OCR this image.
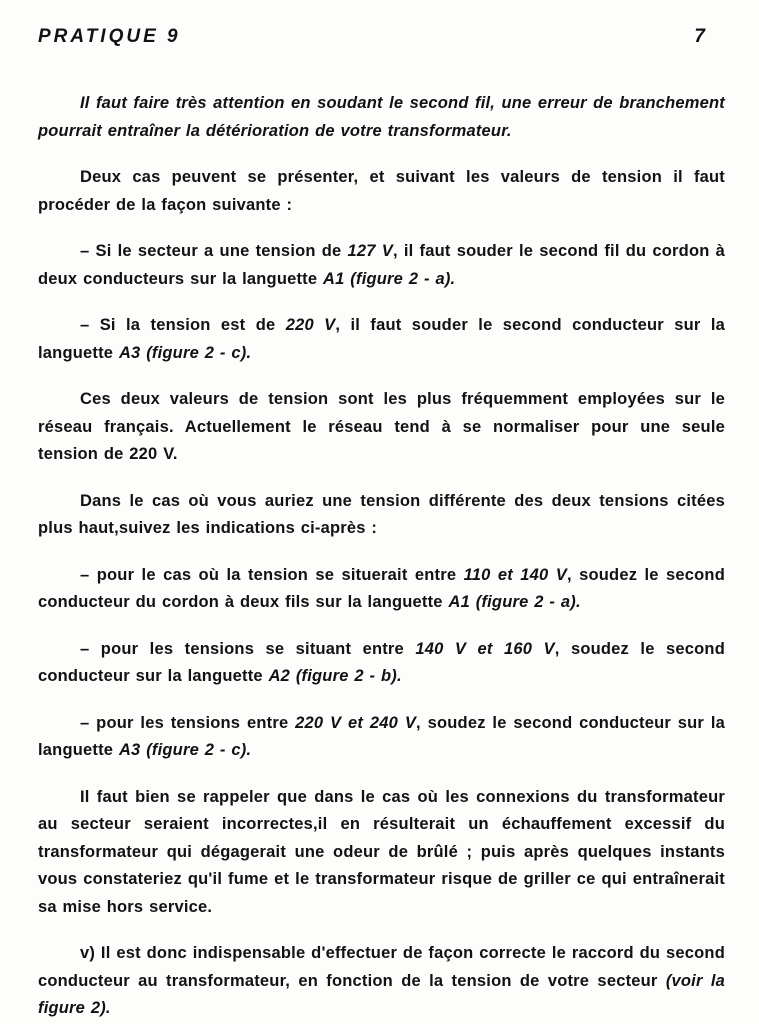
PRATIQUE 9	7

Il faut faire très attention en soudant le second fil, une erreur de branchement pourrait entraîner la détérioration de votre transformateur.

Deux cas peuvent se présenter, et suivant les valeurs de tension il faut procéder de la façon suivante :

– Si le secteur a une tension de 127 V, il faut souder le second fil du cordon à deux conducteurs sur la languette A1 (figure 2 - a).

– Si la tension est de 220 V, il faut souder le second conducteur sur la languette A3 (figure 2 - c).

Ces deux valeurs de tension sont les plus fréquemment employées sur le réseau français. Actuellement le réseau tend à se normaliser pour une seule tension de 220 V.

Dans le cas où vous auriez une tension différente des deux tensions citées plus haut,suivez les indications ci-après :

– pour le cas où la tension se situerait entre 110 et 140 V, soudez le second conducteur du cordon à deux fils sur la languette A1 (figure 2 - a).

– pour les tensions se situant entre 140 V et 160 V, soudez le second conducteur sur la languette A2 (figure 2 - b).

– pour les tensions entre 220 V et 240 V, soudez le second conducteur sur la languette A3 (figure 2 - c).

Il faut bien se rappeler que dans le cas où les connexions du transformateur au secteur seraient incorrectes,il en résulterait un échauffement excessif du transformateur qui dégagerait une odeur de brûlé ; puis après quelques instants vous constateriez qu'il fume et le transformateur risque de griller ce qui entraînerait sa mise hors service.

v) Il est donc indispensable d'effectuer de façon correcte le raccord du second conducteur au transformateur, en fonction de la tension de votre secteur (voir la figure 2).
